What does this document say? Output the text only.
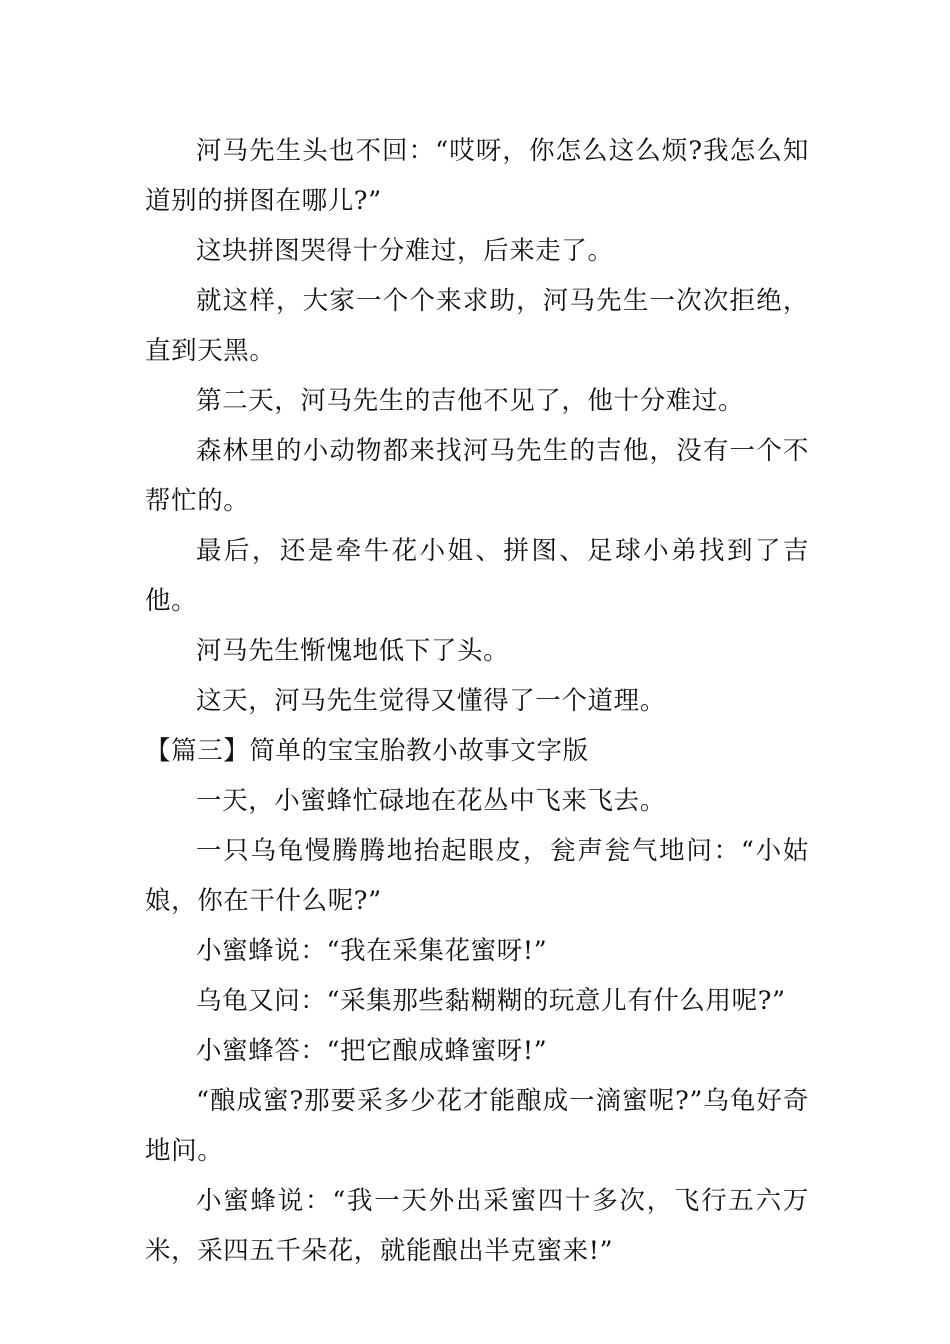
河马先生头也不回：“哎呀，你怎么这么烦?我怎么知道别的拼图在哪儿?”

这块拼图哭得十分难过，后来走了。

就这样，大家一个个来求助，河马先生一次次拒绝，直到天黑。

第二天，河马先生的吉他不见了，他十分难过。

森林里的小动物都来找河马先生的吉他，没有一个不帮忙的。

最后，还是牵牛花小姐、拼图、足球小弟找到了吉他。

河马先生惭愧地低下了头。

这天，河马先生觉得又懂得了一个道理。

【篇三】简单的宝宝胎教小故事文字版

一天，小蜜蜂忙碌地在花丛中飞来飞去。

一只乌龟慢腾腾地抬起眼皮，瓮声瓮气地问：“小姑娘，你在干什么呢?”

小蜜蜂说：“我在采集花蜜呀!”

乌龟又问：“采集那些黏糊糊的玩意儿有什么用呢?”

小蜜蜂答：“把它酿成蜂蜜呀!”

“酿成蜜?那要采多少花才能酿成一滴蜜呢?”乌龟好奇地问。

小蜜蜂说：“我一天外出采蜜四十多次，飞行五六万米，采四五千朵花，就能酿出半克蜜来!”
